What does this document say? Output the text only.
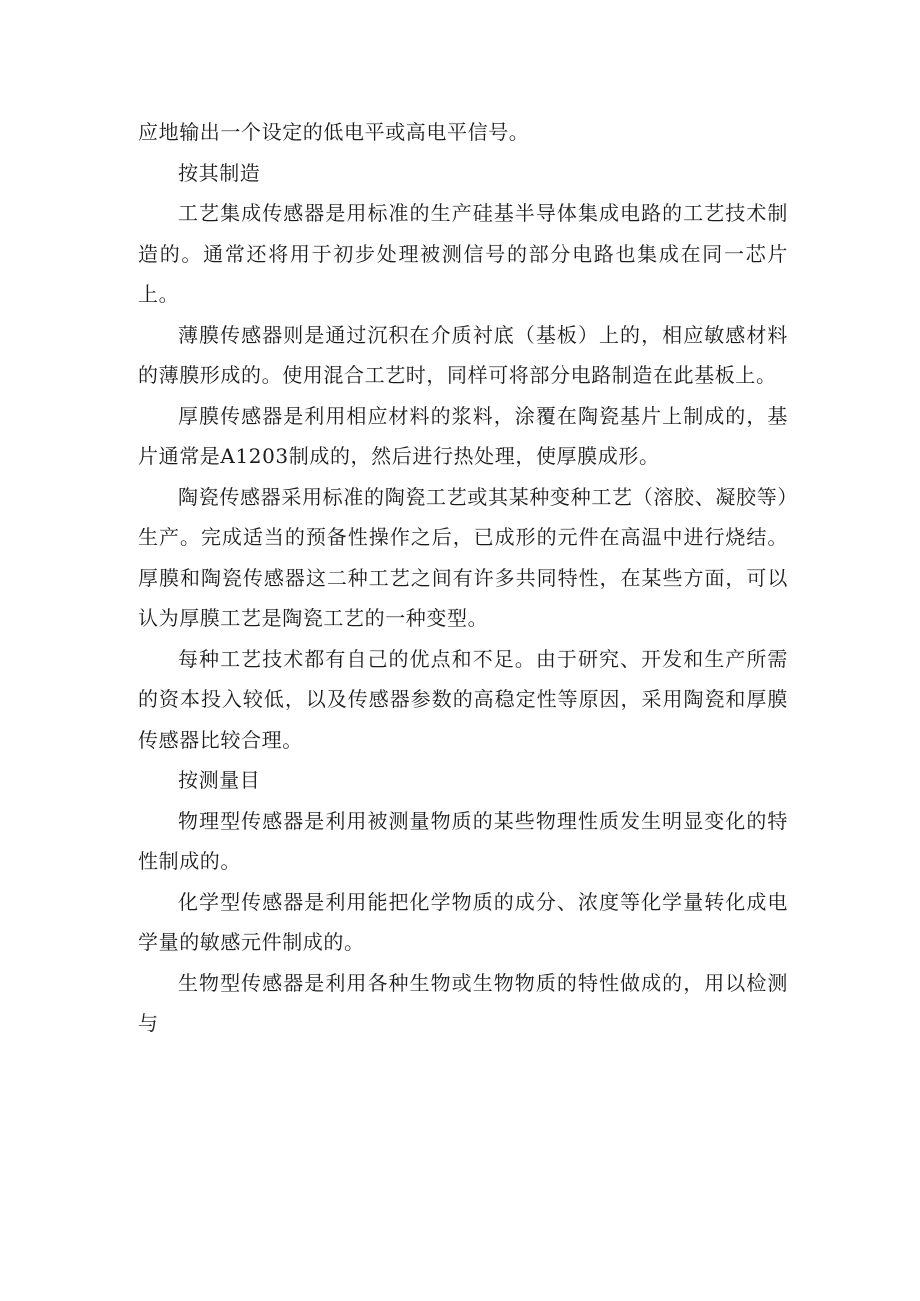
应地输出一个设定的低电平或高电平信号。

按其制造

工艺集成传感器是用标准的生产硅基半导体集成电路的工艺技术制造的。通常还将用于初步处理被测信号的部分电路也集成在同一芯片上。

薄膜传感器则是通过沉积在介质衬底（基板）上的，相应敏感材料的薄膜形成的。使用混合工艺时，同样可将部分电路制造在此基板上。

厚膜传感器是利用相应材料的浆料，涂覆在陶瓷基片上制成的，基片通常是A1203制成的，然后进行热处理，使厚膜成形。

陶瓷传感器采用标准的陶瓷工艺或其某种变种工艺（溶胶、凝胶等）生产。完成适当的预备性操作之后，已成形的元件在高温中进行烧结。厚膜和陶瓷传感器这二种工艺之间有许多共同特性，在某些方面，可以认为厚膜工艺是陶瓷工艺的一种变型。

每种工艺技术都有自己的优点和不足。由于研究、开发和生产所需的资本投入较低，以及传感器参数的高稳定性等原因，采用陶瓷和厚膜传感器比较合理。

按测量目

物理型传感器是利用被测量物质的某些物理性质发生明显变化的特性制成的。

化学型传感器是利用能把化学物质的成分、浓度等化学量转化成电学量的敏感元件制成的。

生物型传感器是利用各种生物或生物物质的特性做成的，用以检测与
